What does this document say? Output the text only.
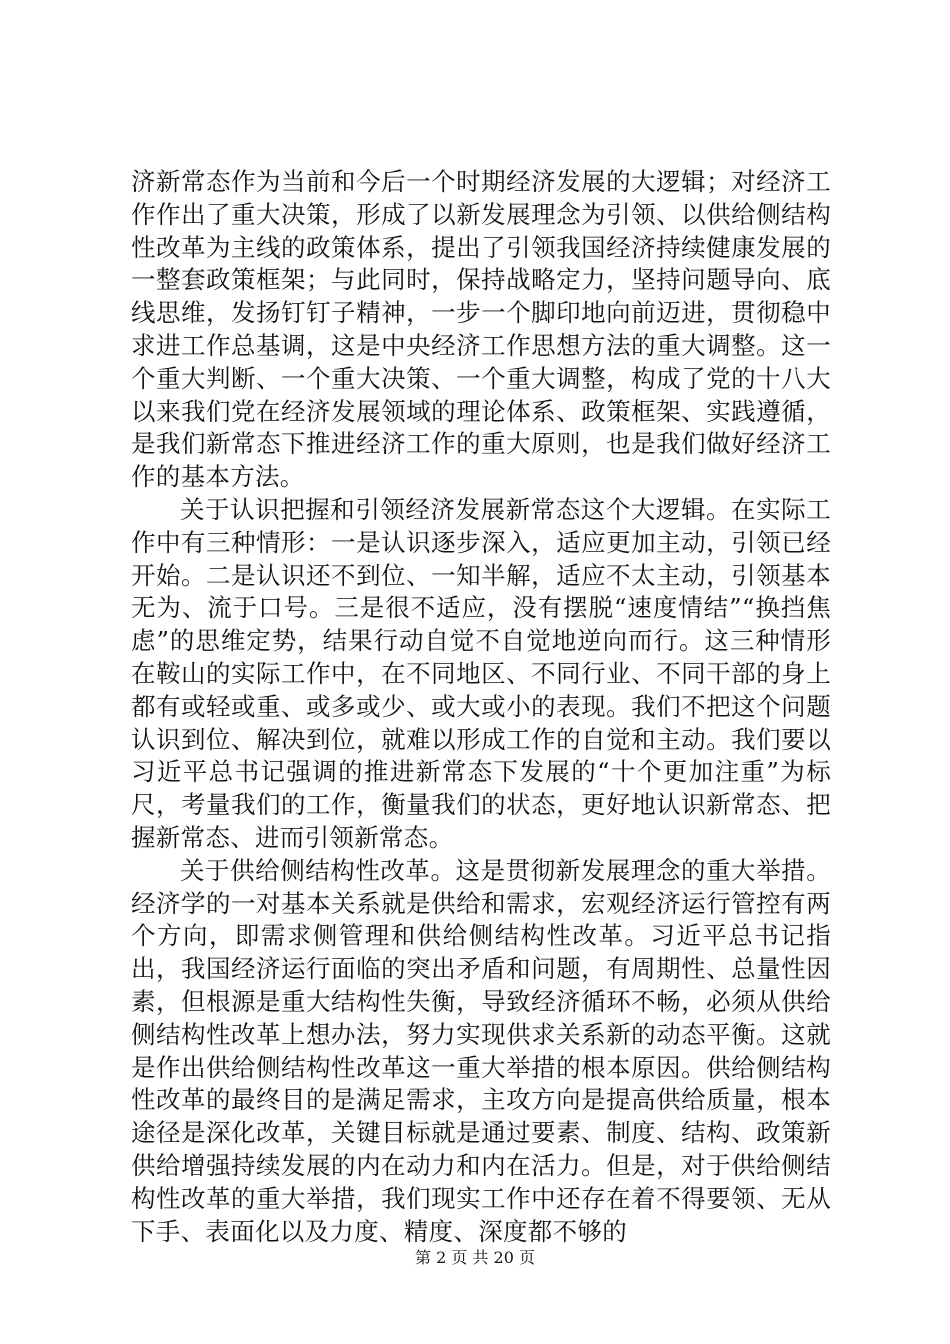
济新常态作为当前和今后一个时期经济发展的大逻辑；对经济工作作出了重大决策，形成了以新发展理念为引领、以供给侧结构性改革为主线的政策体系，提出了引领我国经济持续健康发展的一整套政策框架；与此同时，保持战略定力，坚持问题导向、底线思维，发扬钉钉子精神，一步一个脚印地向前迈进，贯彻稳中求进工作总基调，这是中央经济工作思想方法的重大调整。这一个重大判断、一个重大决策、一个重大调整，构成了党的十八大以来我们党在经济发展领域的理论体系、政策框架、实践遵循，是我们新常态下推进经济工作的重大原则，也是我们做好经济工作的基本方法。

关于认识把握和引领经济发展新常态这个大逻辑。在实际工作中有三种情形：一是认识逐步深入，适应更加主动，引领已经开始。二是认识还不到位、一知半解，适应不太主动，引领基本无为、流于口号。三是很不适应，没有摆脱“速度情结”“换挡焦虑”的思维定势，结果行动自觉不自觉地逆向而行。这三种情形在鞍山的实际工作中，在不同地区、不同行业、不同干部的身上都有或轻或重、或多或少、或大或小的表现。我们不把这个问题认识到位、解决到位，就难以形成工作的自觉和主动。我们要以习近平总书记强调的推进新常态下发展的“十个更加注重”为标尺，考量我们的工作，衡量我们的状态，更好地认识新常态、把握新常态、进而引领新常态。

关于供给侧结构性改革。这是贯彻新发展理念的重大举措。经济学的一对基本关系就是供给和需求，宏观经济运行管控有两个方向，即需求侧管理和供给侧结构性改革。习近平总书记指出，我国经济运行面临的突出矛盾和问题，有周期性、总量性因素，但根源是重大结构性失衡，导致经济循环不畅，必须从供给侧结构性改革上想办法，努力实现供求关系新的动态平衡。这就是作出供给侧结构性改革这一重大举措的根本原因。供给侧结构性改革的最终目的是满足需求，主攻方向是提高供给质量，根本途径是深化改革，关键目标就是通过要素、制度、结构、政策新供给增强持续发展的内在动力和内在活力。但是，对于供给侧结构性改革的重大举措，我们现实工作中还存在着不得要领、无从下手、表面化以及力度、精度、深度都不够的

第 2 页 共 20 页
